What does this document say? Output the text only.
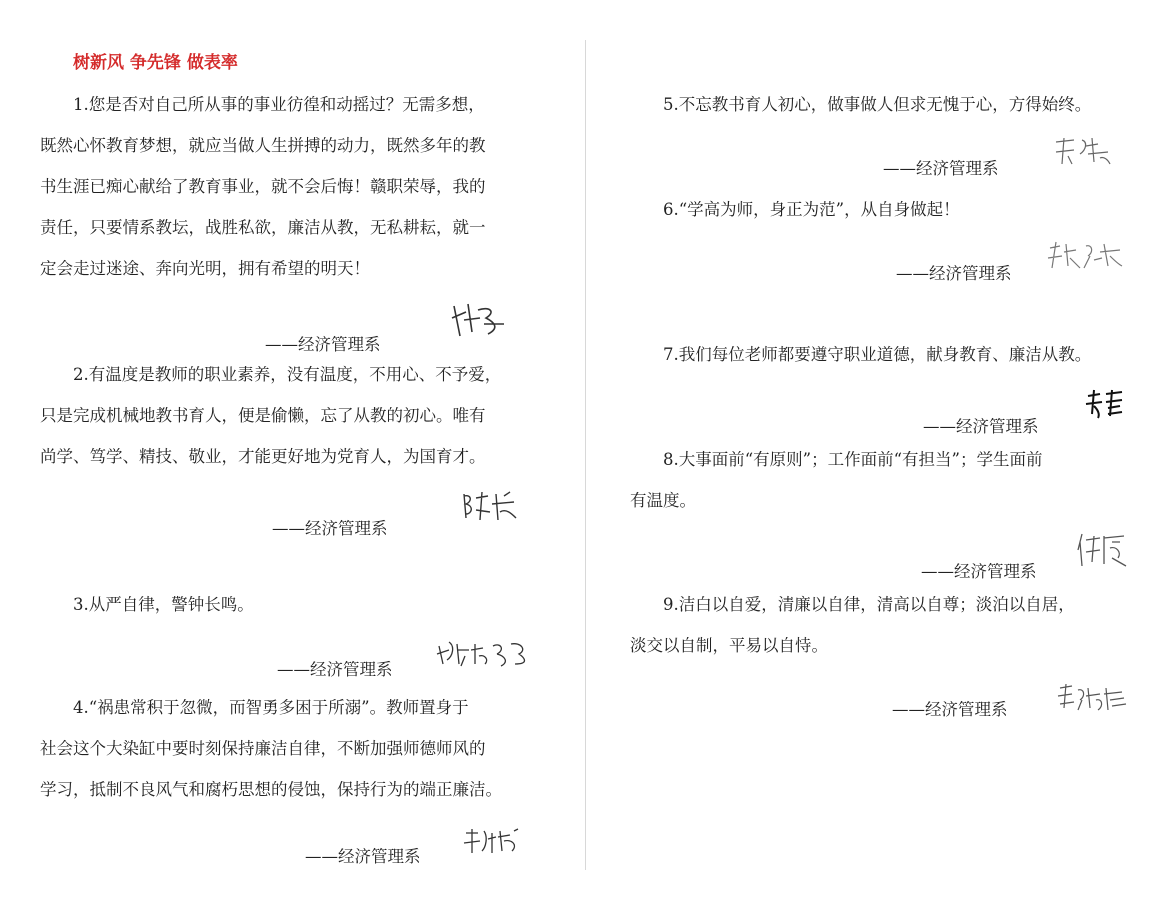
树新风 争先锋 做表率
1.您是否对自己所从事的事业彷徨和动摇过？无需多想，
既然心怀教育梦想，就应当做人生拼搏的动力，既然多年的教
书生涯已痴心献给了教育事业，就不会后悔！赣职荣辱，我的
责任，只要情系教坛，战胜私欲，廉洁从教，无私耕耘，就一
定会走过迷途、奔向光明，拥有希望的明天！
——经济管理系
2.有温度是教师的职业素养，没有温度，不用心、不予爱，
只是完成机械地教书育人，便是偷懒，忘了从教的初心。唯有
尚学、笃学、精技、敬业，才能更好地为党育人，为国育才。
——经济管理系
3.从严自律，警钟长鸣。
——经济管理系
4.“祸患常积于忽微，而智勇多困于所溺”。教师置身于
社会这个大染缸中要时刻保持廉洁自律，不断加强师德师风的
学习，抵制不良风气和腐朽思想的侵蚀，保持行为的端正廉洁。
——经济管理系
5.不忘教书育人初心，做事做人但求无愧于心，方得始终。
——经济管理系
6.“学高为师，身正为范”，从自身做起！
——经济管理系
7.我们每位老师都要遵守职业道德，献身教育、廉洁从教。
——经济管理系
8.大事面前“有原则”；工作面前“有担当”；学生面前
有温度。
——经济管理系
9.洁白以自爱，清廉以自律，清高以自尊；淡泊以自居，
淡交以自制，平易以自恃。
——经济管理系
